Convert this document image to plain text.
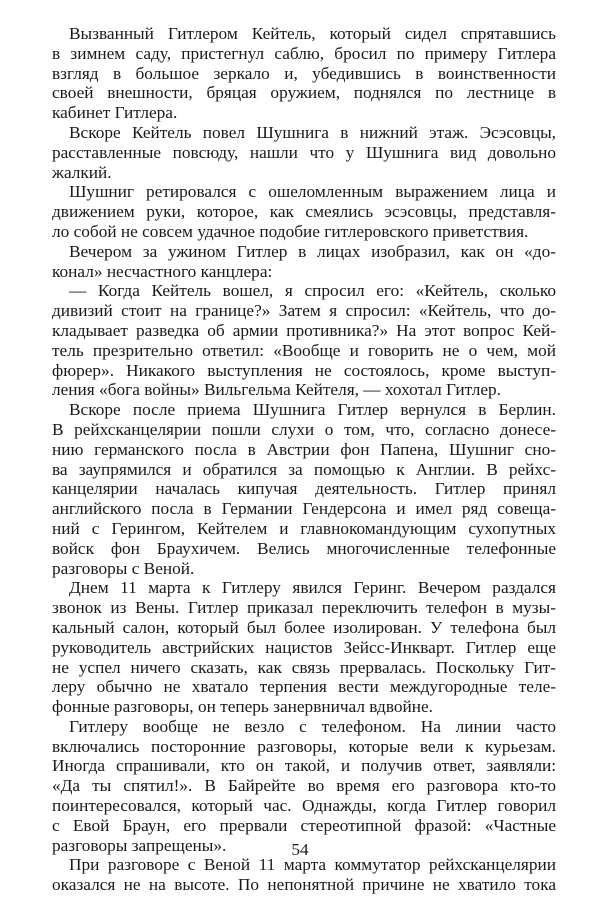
Вызванный Гитлером Кейтель, который сидел спрятавшись
в зимнем саду, пристегнул саблю, бросил по примеру Гитлера
взгляд в большое зеркало и, убедившись в воинственности
своей внешности, бряцая оружием, поднялся по лестнице в
кабинет Гитлера.
Вскоре Кейтель повел Шушнига в нижний этаж. Эсэсовцы,
расставленные повсюду, нашли что у Шушнига вид довольно
жалкий.
Шушниг ретировался с ошеломленным выражением лица и
движением руки, которое, как смеялись эсэсовцы, представля-
ло собой не совсем удачное подобие гитлеровского приветствия.
Вечером за ужином Гитлер в лицах изобразил, как он «до-
конал» несчастного канцлера:
— Когда Кейтель вошел, я спросил его: «Кейтель, сколько
дивизий стоит на границе?» Затем я спросил: «Кейтель, что до-
кладывает разведка об армии противника?» На этот вопрос Кей-
тель презрительно ответил: «Вообще и говорить не о чем, мой
фюрер». Никакого выступления не состоялось, кроме выступ-
ления «бога войны» Вильгельма Кейтеля, — хохотал Гитлер.
Вскоре после приема Шушнига Гитлер вернулся в Берлин.
В рейхсканцелярии пошли слухи о том, что, согласно донесе-
нию германского посла в Австрии фон Папена, Шушниг сно-
ва заупрямился и обратился за помощью к Англии. В рейхс-
канцелярии началась кипучая деятельность. Гитлер принял
английского посла в Германии Гендерсона и имел ряд совеща-
ний с Герингом, Кейтелем и главнокомандующим сухопутных
войск фон Браухичем. Велись многочисленные телефонные
разговоры с Веной.
Днем 11 марта к Гитлеру явился Геринг. Вечером раздался
звонок из Вены. Гитлер приказал переключить телефон в музы-
кальный салон, который был более изолирован. У телефона был
руководитель австрийских нацистов Зейсс-Инкварт. Гитлер еще
не успел ничего сказать, как связь прервалась. Поскольку Гит-
леру обычно не хватало терпения вести междугородные теле-
фонные разговоры, он теперь занервничал вдвойне.
Гитлеру вообще не везло с телефоном. На линии часто
включались посторонние разговоры, которые вели к курьезам.
Иногда спрашивали, кто он такой, и получив ответ, заявляли:
«Да ты спятил!». В Байрейте во время его разговора кто-то
поинтересовался, который час. Однажды, когда Гитлер говорил
с Евой Браун, его прервали стереотипной фразой: «Частные
разговоры запрещены».
При разговоре с Веной 11 марта коммутатор рейхсканцелярии
оказался не на высоте. По непонятной причине не хватило тока
54
